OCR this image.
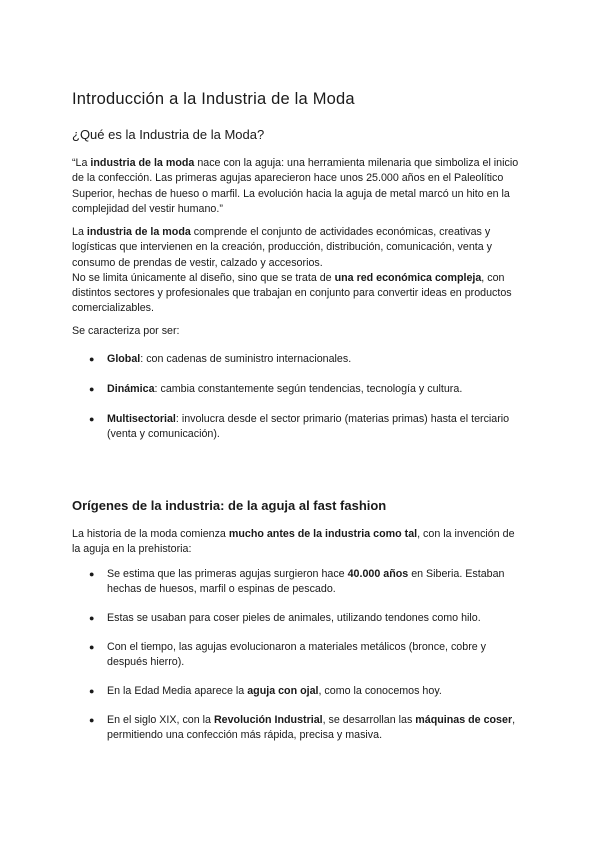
Introducción a la Industria de la Moda
¿Qué es la Industria de la Moda?

“La industria de la moda nace con la aguja: una herramienta milenaria que simboliza el inicio de la confección. Las primeras agujas aparecieron hace unos 25.000 años en el Paleolítico Superior, hechas de hueso o marfil. La evolución hacia la aguja de metal marcó un hito en la complejidad del vestir humano.”

La industria de la moda comprende el conjunto de actividades económicas, creativas y logísticas que intervienen en la creación, producción, distribución, comunicación, venta y consumo de prendas de vestir, calzado y accesorios.
No se limita únicamente al diseño, sino que se trata de una red económica compleja, con distintos sectores y profesionales que trabajan en conjunto para convertir ideas en productos comercializables.

Se caracteriza por ser:

● Global: con cadenas de suministro internacionales.
● Dinámica: cambia constantemente según tendencias, tecnología y cultura.
● Multisectorial: involucra desde el sector primario (materias primas) hasta el terciario (venta y comunicación).
Orígenes de la industria: de la aguja al fast fashion

La historia de la moda comienza mucho antes de la industria como tal, con la invención de la aguja en la prehistoria:

● Se estima que las primeras agujas surgieron hace 40.000 años en Siberia. Estaban hechas de huesos, marfil o espinas de pescado.
● Estas se usaban para coser pieles de animales, utilizando tendones como hilo.
● Con el tiempo, las agujas evolucionaron a materiales metálicos (bronce, cobre y después hierro).
● En la Edad Media aparece la aguja con ojal, como la conocemos hoy.
● En el siglo XIX, con la Revolución Industrial, se desarrollan las máquinas de coser, permitiendo una confección más rápida, precisa y masiva.
